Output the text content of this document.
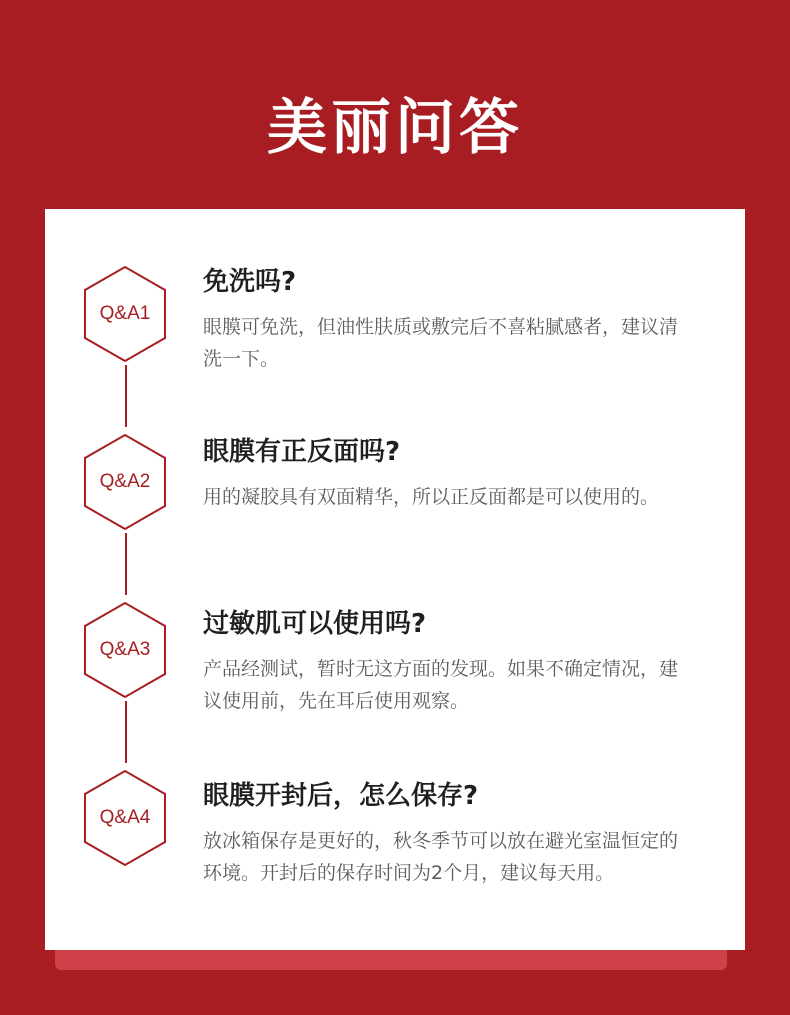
美丽问答
Q&A1
免洗吗?
眼膜可免洗，但油性肤质或敷完后不喜粘腻感者，建议清洗一下。
Q&A2
眼膜有正反面吗?
用的凝胶具有双面精华，所以正反面都是可以使用的。
Q&A3
过敏肌可以使用吗?
产品经测试，暂时无这方面的发现。如果不确定情况，建议使用前，先在耳后使用观察。
Q&A4
眼膜开封后，怎么保存?
放冰箱保存是更好的，秋冬季节可以放在避光室温恒定的环境。开封后的保存时间为2个月，建议每天用。
